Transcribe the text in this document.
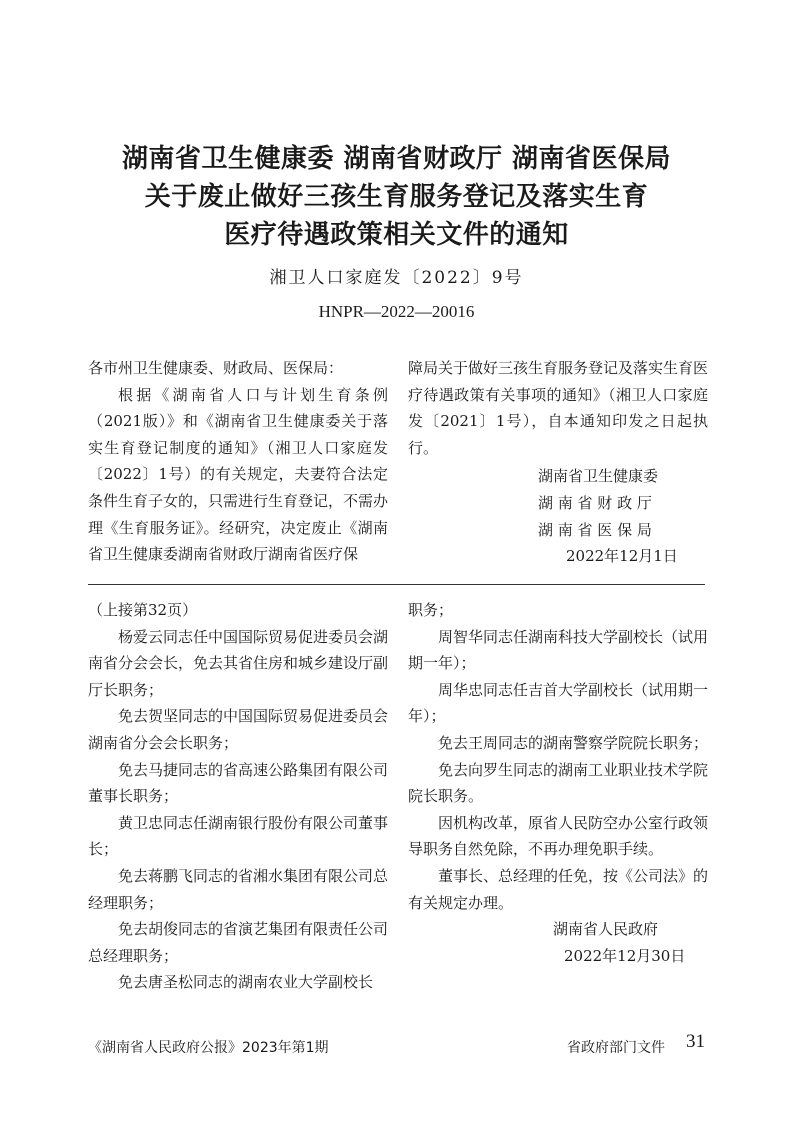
湖南省卫生健康委 湖南省财政厅 湖南省医保局
关于废止做好三孩生育服务登记及落实生育
医疗待遇政策相关文件的通知
湘卫人口家庭发〔2022〕9号
HNPR—2022—20016

各市州卫生健康委、财政局、医保局：

根据《湖南省人口与计划生育条例（2021版）》和《湖南省卫生健康委关于落实生育登记制度的通知》（湘卫人口家庭发〔2022〕1号）的有关规定，夫妻符合法定条件生育子女的，只需进行生育登记，不需办理《生育服务证》。经研究，决定废止《湖南省卫生健康委湖南省财政厅湖南省医疗保

障局关于做好三孩生育服务登记及落实生育医疗待遇政策有关事项的通知》（湘卫人口家庭发〔2021〕1号），自本通知印发之日起执行。

湖南省卫生健康委
湖 南 省 财 政 厅
湖 南 省 医 保 局
2022年12月1日

（上接第32页）

杨爱云同志任中国国际贸易促进委员会湖南省分会会长，免去其省住房和城乡建设厅副厅长职务；

免去贺坚同志的中国国际贸易促进委员会湖南省分会会长职务；

免去马捷同志的省高速公路集团有限公司董事长职务；

黄卫忠同志任湖南银行股份有限公司董事长；

免去蒋鹏飞同志的省湘水集团有限公司总经理职务；

免去胡俊同志的省演艺集团有限责任公司总经理职务；

免去唐圣松同志的湖南农业大学副校长

职务；

周智华同志任湖南科技大学副校长（试用期一年）；

周华忠同志任吉首大学副校长（试用期一年）；

免去王周同志的湖南警察学院院长职务；

免去向罗生同志的湖南工业职业技术学院院长职务。

因机构改革，原省人民防空办公室行政领导职务自然免除，不再办理免职手续。

董事长、总经理的任免，按《公司法》的有关规定办理。

湖南省人民政府
2022年12月30日
《湖南省人民政府公报》2023年第1期	省政府部门文件 31
